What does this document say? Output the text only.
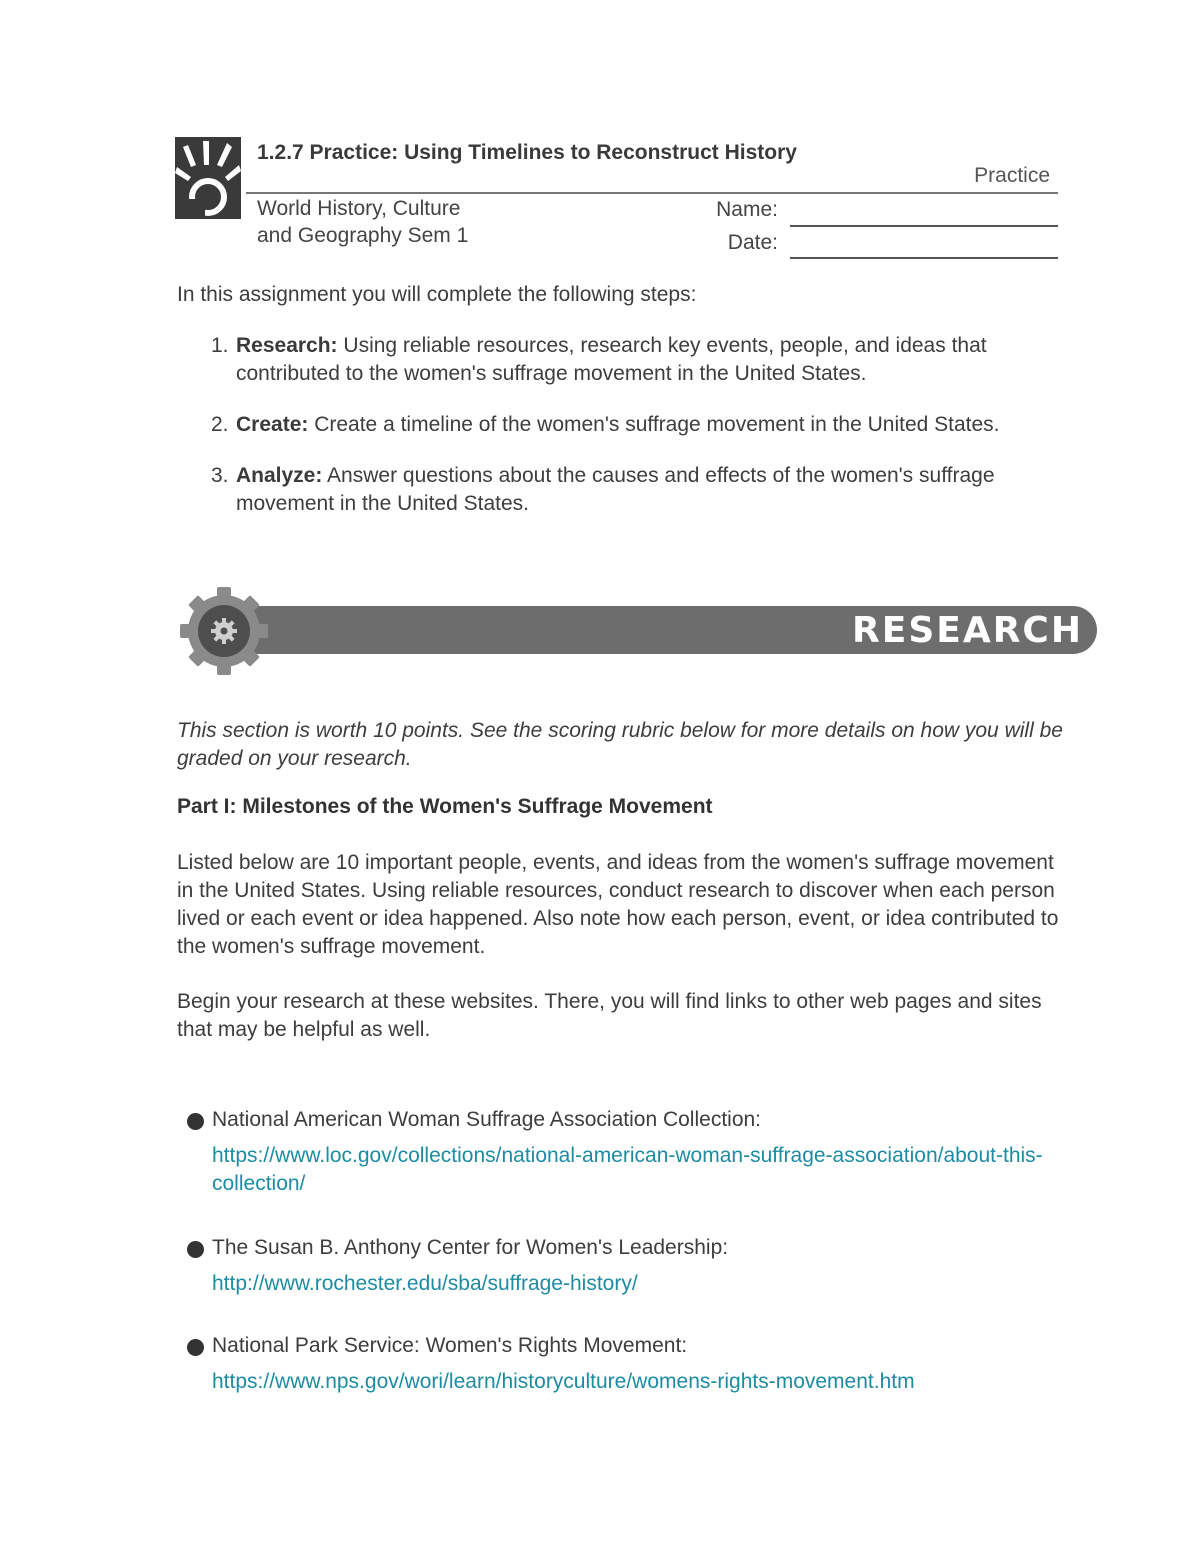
1.2.7 Practice: Using Timelines to Reconstruct History
Practice
World History, Culture
and Geography Sem 1
Name:
Date:
In this assignment you will complete the following steps:
1. Research: Using reliable resources, research key events, people, and ideas that contributed to the women's suffrage movement in the United States.
2. Create: Create a timeline of the women's suffrage movement in the United States.
3. Analyze: Answer questions about the causes and effects of the women's suffrage movement in the United States.
RESEARCH
This section is worth 10 points. See the scoring rubric below for more details on how you will be graded on your research.
Part I: Milestones of the Women's Suffrage Movement
Listed below are 10 important people, events, and ideas from the women's suffrage movement in the United States. Using reliable resources, conduct research to discover when each person lived or each event or idea happened. Also note how each person, event, or idea contributed to the women's suffrage movement.
Begin your research at these websites. There, you will find links to other web pages and sites that may be helpful as well.
National American Woman Suffrage Association Collection:
https://www.loc.gov/collections/national-american-woman-suffrage-association/about-this-collection/
The Susan B. Anthony Center for Women's Leadership:
http://www.rochester.edu/sba/suffrage-history/
National Park Service: Women's Rights Movement:
https://www.nps.gov/wori/learn/historyculture/womens-rights-movement.htm
